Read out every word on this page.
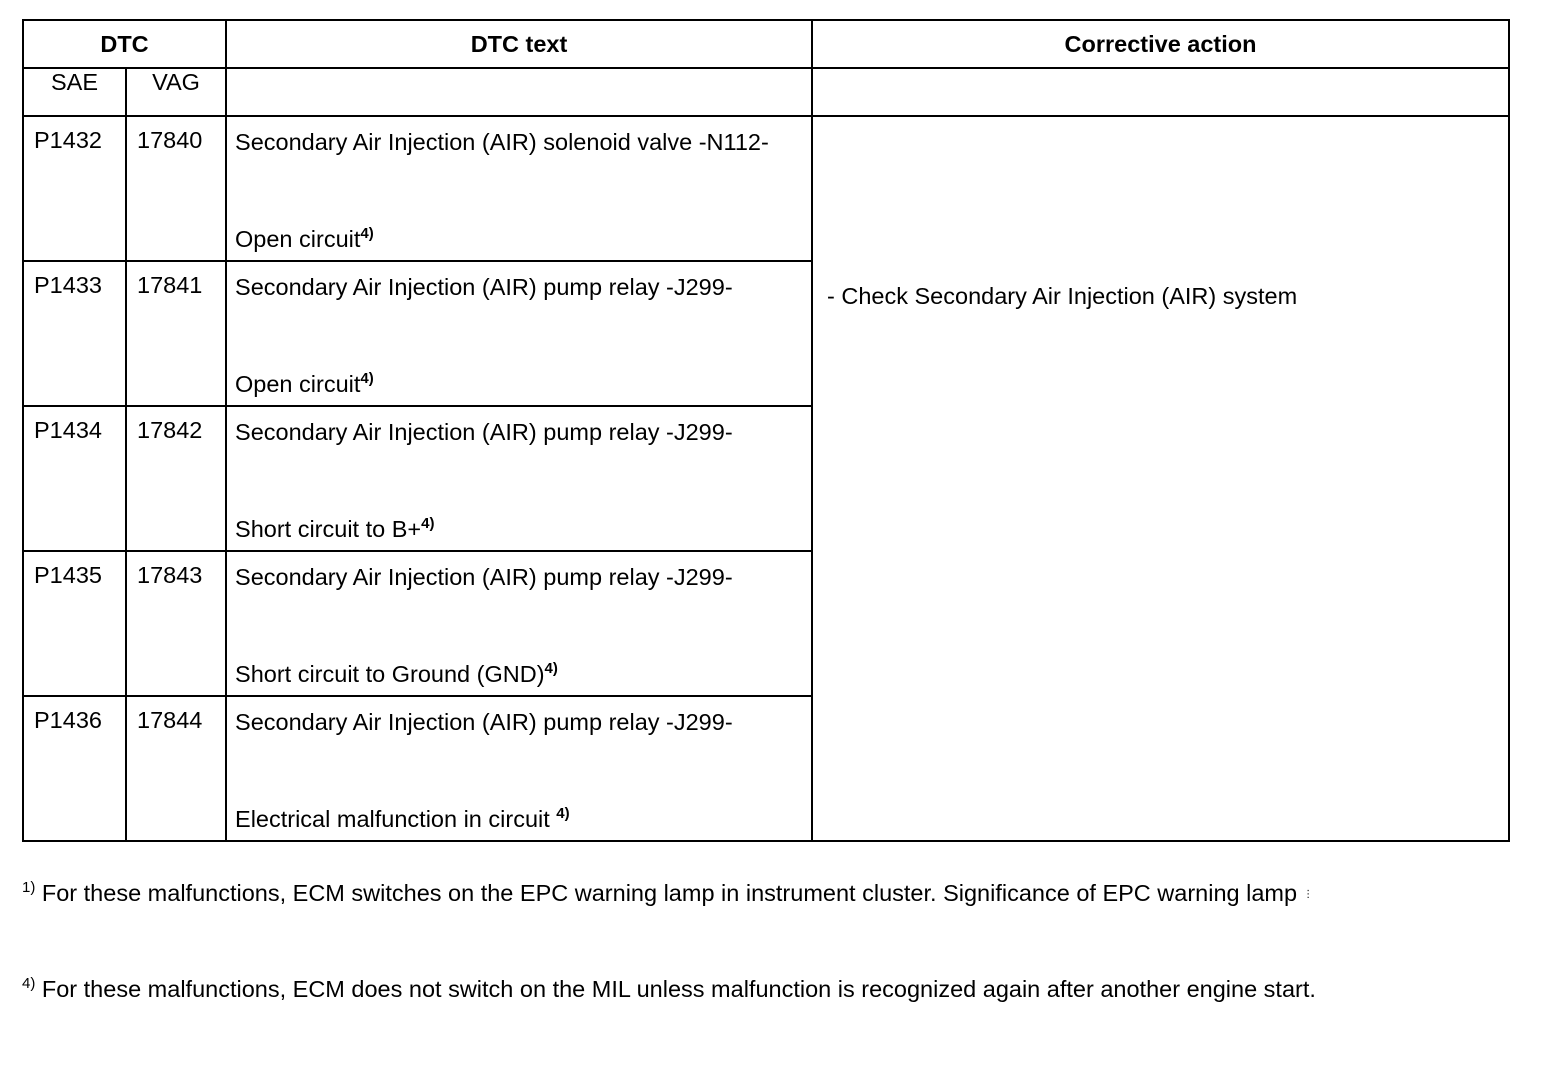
DTC		DTC text	Corrective action
SAE	VAG		
P1432	17840	Secondary Air Injection (AIR) solenoid valve -N112-
Open circuit$^{4)}$	- Check Secondary Air Injection (AIR) system

P1433	17841	Secondary Air Injection (AIR) pump relay -J299-
Open circuit$^{4)}$

P1434	17842	Secondary Air Injection (AIR) pump relay -J299-
Short circuit to B+$^{4)}$

P1435	17843	Secondary Air Injection (AIR) pump relay -J299-
Short circuit to Ground (GND)$^{4)}$

P1436	17844	Secondary Air Injection (AIR) pump relay -J299-
Electrical malfunction in circuit $^{4)}$
$^{1)}$ For these malfunctions, ECM switches on the EPC warning lamp in instrument cluster. Significance of EPC warning lamp ⋮
$^{4)}$ For these malfunctions, ECM does not switch on the MIL unless malfunction is recognized again after another engine start.
